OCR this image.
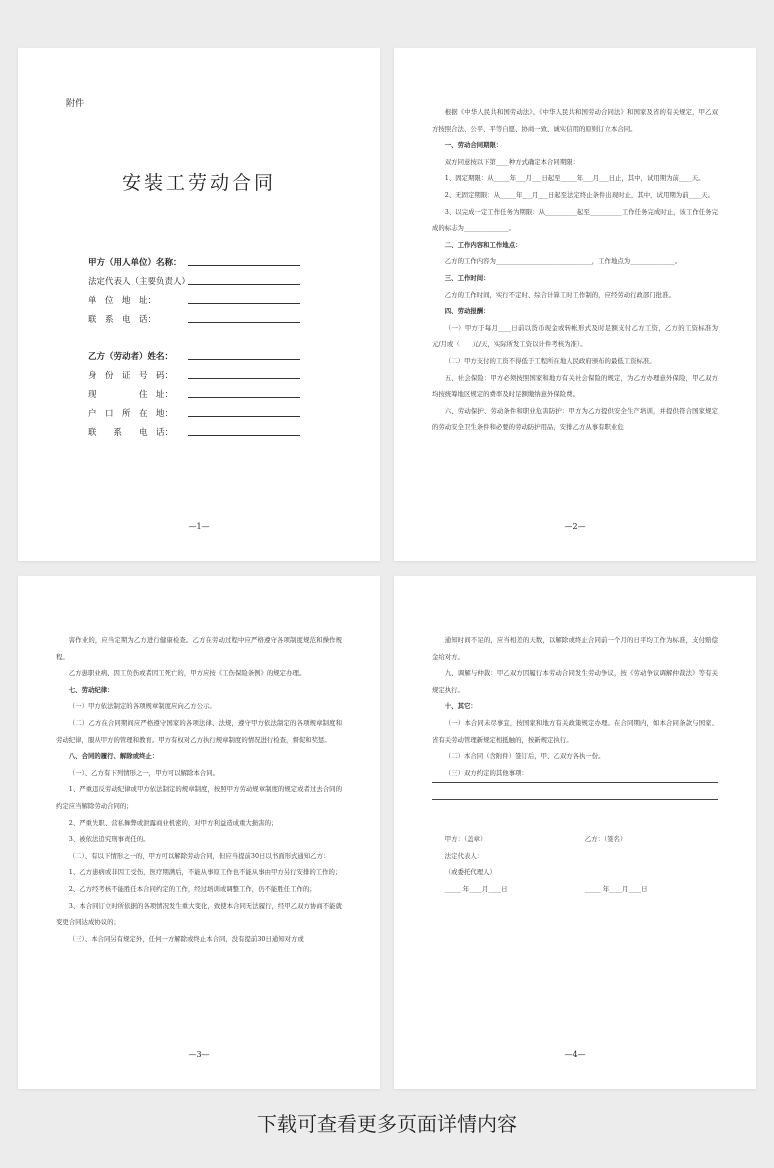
附件
安装工劳动合同
甲方（用人单位）名称：
法定代表人（主要负责人）
单　位　地　址：
联　系　电　话：
乙方（劳动者）姓名：
身　份　证　号　码：
现　　　　　住　址：
户　口　所　在　地：
联　　系　　电　话：
—1—

根据《中华人民共和国劳动法》、《中华人民共和国劳动合同法》和国家及省的有关规定，甲乙双方按照合法、公平、平等自愿、协商一致、诚实信用的原则订立本合同。

一、劳动合同期限：

双方同意按以下第____种方式确定本合同期限：

1、固定期限：从_____年___月___日起至_____年___月___日止，其中，试用期为前____天。

2、无固定期限：从_____年___月___日起至法定终止条件出现时止，其中，试用期为前____天。

3、以完成一定工作任务为期限：从__________起至__________工作任务完成时止，该工作任务完成的标志为______________。

二、工作内容和工作地点：

乙方的工作内容为______________________________，工作地点为______________。

三、工作时间：

乙方的工作时间，实行不定时、综合计算工时工作制的，应经劳动行政部门批准。

四、劳动报酬：

（一）甲方于每月____日前以货币现金或转帐形式及时足额支付乙方工资，乙方的工资标准为　　元/月或（　　元/天，实际所发工资以计件考核为准）。

（二）甲方支付的工资不得低于工程所在地人民政府颁布的最低工资标准。

五、社会保险：甲方必须按照国家和地方有关社会保险的规定，为乙方办理意外保险，甲乙双方均按统筹地区规定的费率及时足额缴纳意外保险费。

六、劳动保护、劳动条件和职业危害防护：甲方为乙方提供安全生产培训，并提供符合国家规定的劳动安全卫生条件和必要的劳动防护用品，安排乙方从事有职业危

—2—

害作业的，应当定期为乙方进行健康检查。乙方在劳动过程中应严格遵守各项制度规范和操作规程。

乙方患职业病、因工负伤或者因工死亡的，甲方应按《工伤保险条例》的规定办理。

七、劳动纪律：

（一）甲方依法制定的各项规章制度应向乙方公示。

（二）乙方在合同期间应严格遵守国家的各项法律、法规，遵守甲方依法制定的各项规章制度和劳动纪律，服从甲方的管理和教育。甲方有权对乙方执行规章制度的情况进行检查，督促和奖惩。

八、合同的履行、解除或终止：

（一）、乙方有下列情形之一，甲方可以解除本合同。

1、严重违反劳动纪律或甲方依法制定的规章制度，按照甲方劳动规章制度的规定或者过去合同的约定应当解除劳动合同的；

2、严重失职、营私舞弊或泄露商业机密的，对甲方利益造成重大损害的；

3、被依法追究刑事责任的。

（二）、有以下情形之一的，甲方可以解除劳动合同，但应当提前30日以书面形式通知乙方：

1、乙方患病或非因工受伤，医疗期满后，不能从事原工作也不能从事由甲方另行安排的工作的；

2、乙方经考核不能胜任本合同约定的工作，经过培训或调整工作，仍不能胜任工作的；

3、本合同订立时所依据的各项情况发生重大变化，致使本合同无法履行，经甲乙双方协商不能就变更合同达成协议的；

（三）、本合同另有规定外，任何一方解除或终止本合同，没有提前30日通知对方或

—3—

通知时间不足的，应当相差的天数，以解除或终止合同前一个月的日平均工作为标准，支付赔偿金给对方。

九、调解与仲裁：甲乙双方因履行本劳动合同发生劳动争议，按《劳动争议调解仲裁法》等有关规定执行。

十、其它：

（一）本合同未尽事宜，按国家和地方有关政策规定办理。在合同期内，如本合同条款与国家、省有关劳动管理新规定相抵触的，按新规定执行。

（二）本合同（含附件）签订后，甲、乙双方各执一份。

（三）双方约定的其他事项：

甲方：（盖章）	乙方：（签名）

法定代表人：

（或委托代理人）

_____ 年____月____日	_____ 年____月____日
—4—
下载可查看更多页面详情内容
